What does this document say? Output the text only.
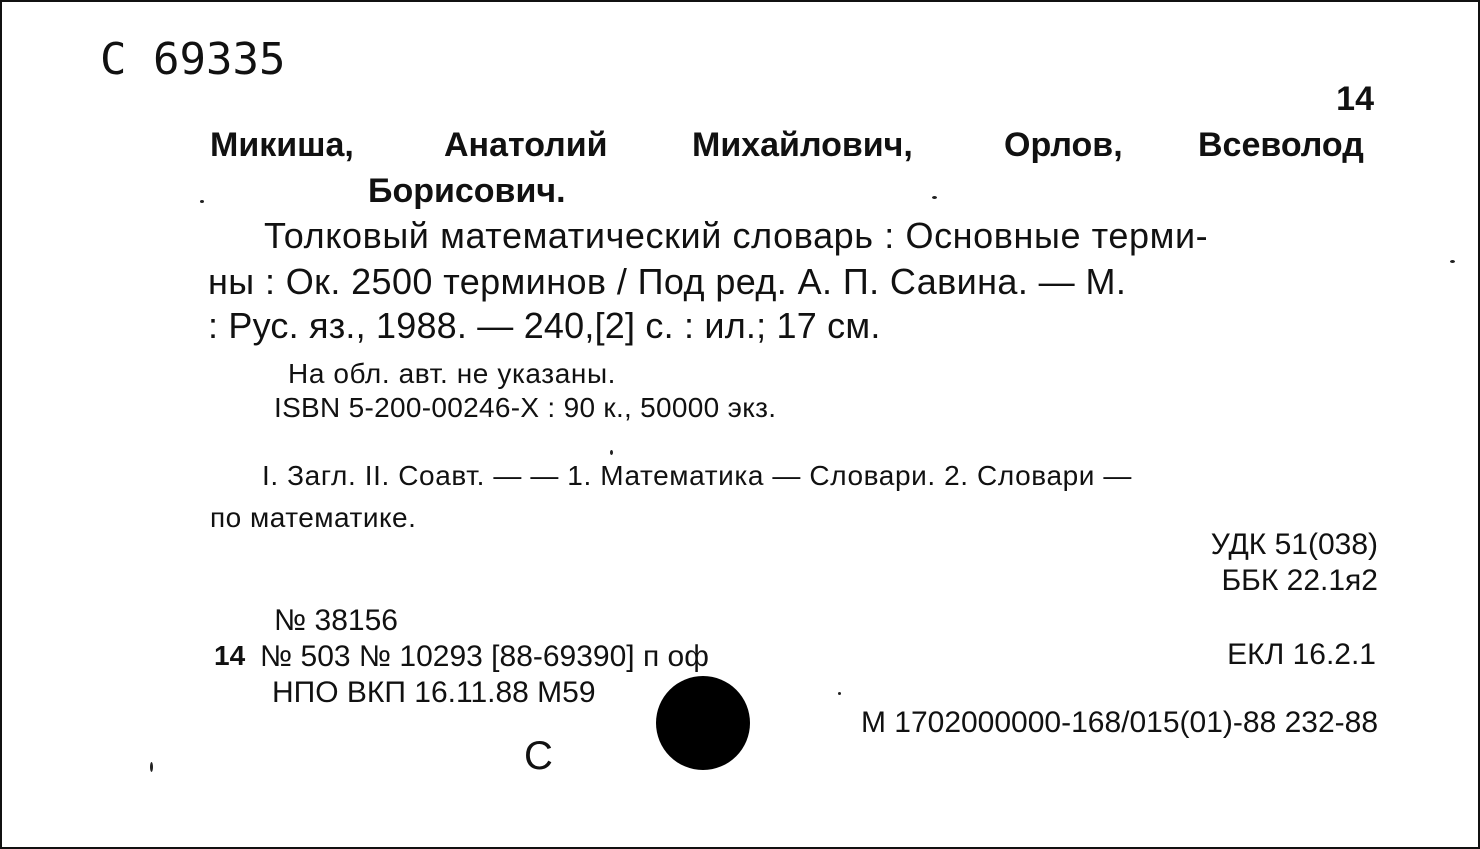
С 69335
14
Микиша,	Анатолий Михайлович,	Орлов, Всеволод
Борисович.
Толковый математический словарь : Основные терми-
ны : Ок. 2500 терминов / Под ред. А. П. Савина. — М.
: Рус. яз., 1988. — 240,[2] с. : ил.; 17 см.
На обл. авт. не указаны.
ISBN 5-200-00246-X : 90 к., 50000 экз.
I. Загл. II. Соавт. — — 1. Математика — Словари. 2. Словари —
по математике.
УДК 51(038)
ББК 22.1я2
№ 38156
14 № 503 № 10293 [88-69390] п оф
НПО ВКП 16.11.88 М59
ЕКЛ 16.2.1
М 1702000000-168/015(01)-88 232-88
С
